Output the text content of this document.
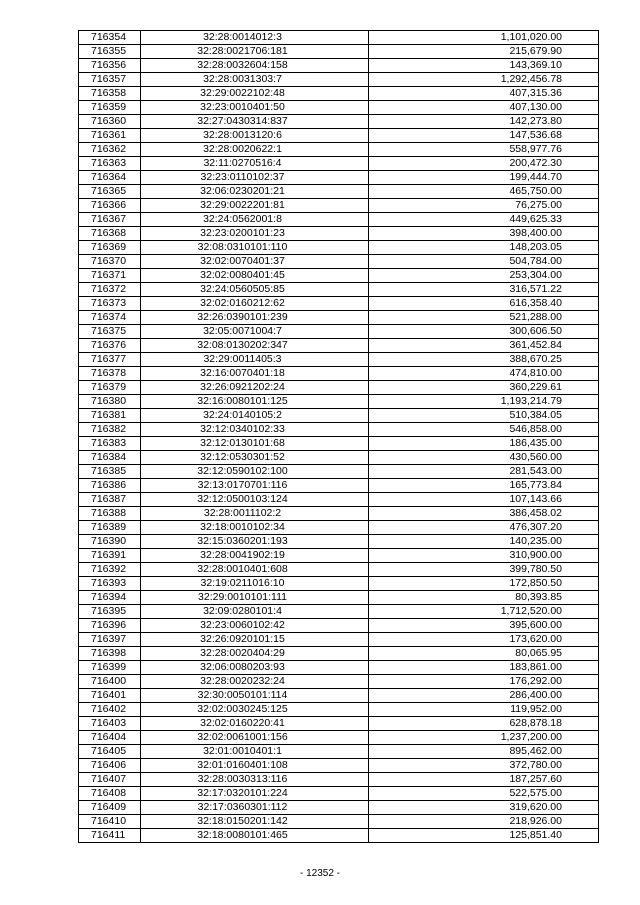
716354	32:28:0014012:3	1,101,020.00
716355	32:28:0021706:181	215,679.90
716356	32:28:0032604:158	143,369.10
716357	32:28:0031303:7	1,292,456.78
716358	32:29:0022102:48	407,315.36
716359	32:23:0010401:50	407,130.00
716360	32:27:0430314:837	142,273.80
716361	32:28:0013120:6	147,536.68
716362	32:28:0020622:1	558,977.76
716363	32:11:0270516:4	200,472.30
716364	32:23:0110102:37	199,444.70
716365	32:06:0230201:21	465,750.00
716366	32:29:0022201:81	76,275.00
716367	32:24:0562001:8	449,625.33
716368	32:23:0200101:23	398,400.00
716369	32:08:0310101:110	148,203.05
716370	32:02:0070401:37	504,784.00
716371	32:02:0080401:45	253,304.00
716372	32:24:0560505:85	316,571.22
716373	32:02:0160212:62	616,358.40
716374	32:26:0390101:239	521,288.00
716375	32:05:0071004:7	300,606.50
716376	32:08:0130202:347	361,452.84
716377	32:29:0011405:3	388,670.25
716378	32:16:0070401:18	474,810.00
716379	32:26:0921202:24	360,229.61
716380	32:16:0080101:125	1,193,214.79
716381	32:24:0140105:2	510,384.05
716382	32:12:0340102:33	546,858.00
716383	32:12:0130101:68	186,435.00
716384	32:12:0530301:52	430,560.00
716385	32:12:0590102:100	281,543.00
716386	32:13:0170701:116	165,773.84
716387	32:12:0500103:124	107,143.66
716388	32:28:0011102:2	386,458.02
716389	32:18:0010102:34	476,307.20
716390	32:15:0360201:193	140,235.00
716391	32:28:0041902:19	310,900.00
716392	32:28:0010401:608	399,780.50
716393	32:19:0211016:10	172,850.50
716394	32:29:0010101:111	80,393.85
716395	32:09:0280101:4	1,712,520.00
716396	32:23:0060102:42	395,600.00
716397	32:26:0920101:15	173,620.00
716398	32:28:0020404:29	80,065.95
716399	32:06:0080203:93	183,861.00
716400	32:28:0020232:24	176,292.00
716401	32:30:0050101:114	286,400.00
716402	32:02:0030245:125	119,952.00
716403	32:02:0160220:41	628,878.18
716404	32:02:0061001:156	1,237,200.00
716405	32:01:0010401:1	895,462.00
716406	32:01:0160401:108	372,780.00
716407	32:28:0030313:116	187,257.60
716408	32:17:0320101:224	522,575.00
716409	32:17:0360301:112	319,620.00
716410	32:18:0150201:142	218,926.00
716411	32:18:0080101:465	125,851.40
- 12352 -
